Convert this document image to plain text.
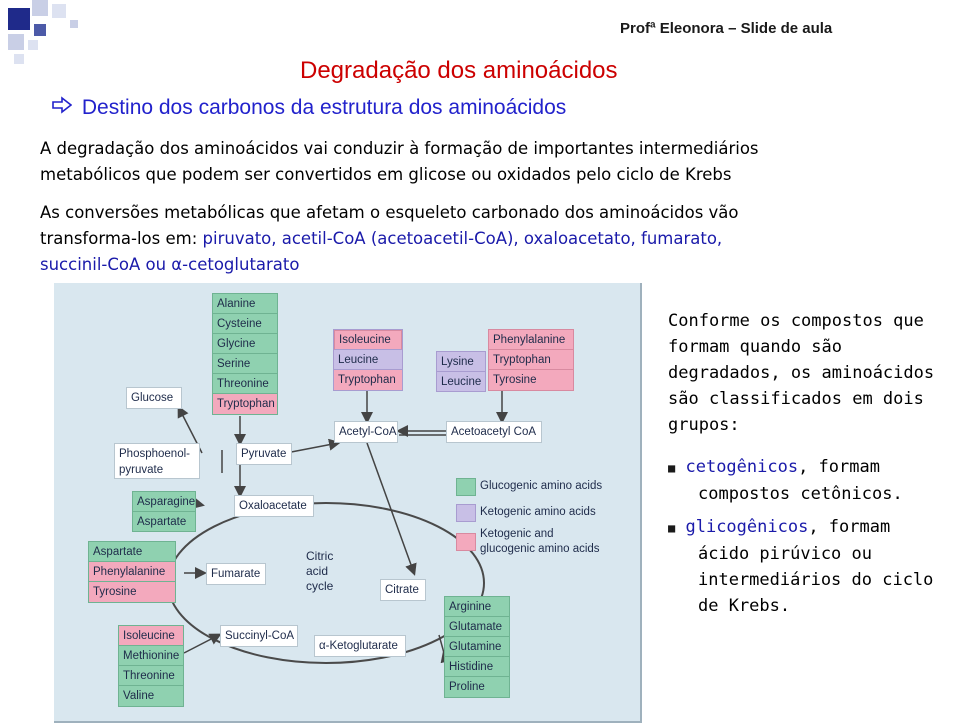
Profª Eleonora – Slide de aula
Degradação dos aminoácidos
Destino dos carbonos da estrutura dos aminoácidos
A degradação dos aminoácidos vai conduzir à formação de importantes intermediários
metabólicos que podem ser convertidos em glicose ou oxidados pelo ciclo de Krebs
As conversões metabólicas que afetam o esqueleto carbonado dos aminoácidos vão
transforma-los em: piruvato, acetil-CoA (acetoacetil-CoA), oxaloacetato, fumarato,
succinil-CoA ou α-cetoglutarato
Alanine
Cysteine
Glycine
Serine
Threonine
Tryptophan
Isoleucine
Leucine
Tryptophan
Lysine
Leucine
Phenylalanine
Tryptophan
Tyrosine
Glucose
Phosphoenol-
pyruvate
Pyruvate
Acetyl-CoA	Acetoacetyl CoA
Asparagine
Aspartate
Oxaloacetate
Aspartate
Phenylalanine
Tyrosine
Fumarate
Citric
acid
cycle	Citrate
Isoleucine
Methionine
Threonine
Valine
Succinyl-CoA
α-Ketoglutarate
Arginine
Glutamate
Glutamine
Histidine
Proline
Glucogenic amino acids
Ketogenic amino acids
Ketogenic and
glucogenic amino acids
Conforme os compostos que
formam quando são
degradados, os aminoácidos
são classificados em dois
grupos:
■ cetogênicos, formam
compostos cetônicos.
■ glicogênicos, formam
ácido pirúvico ou
intermediários do ciclo
de Krebs.
